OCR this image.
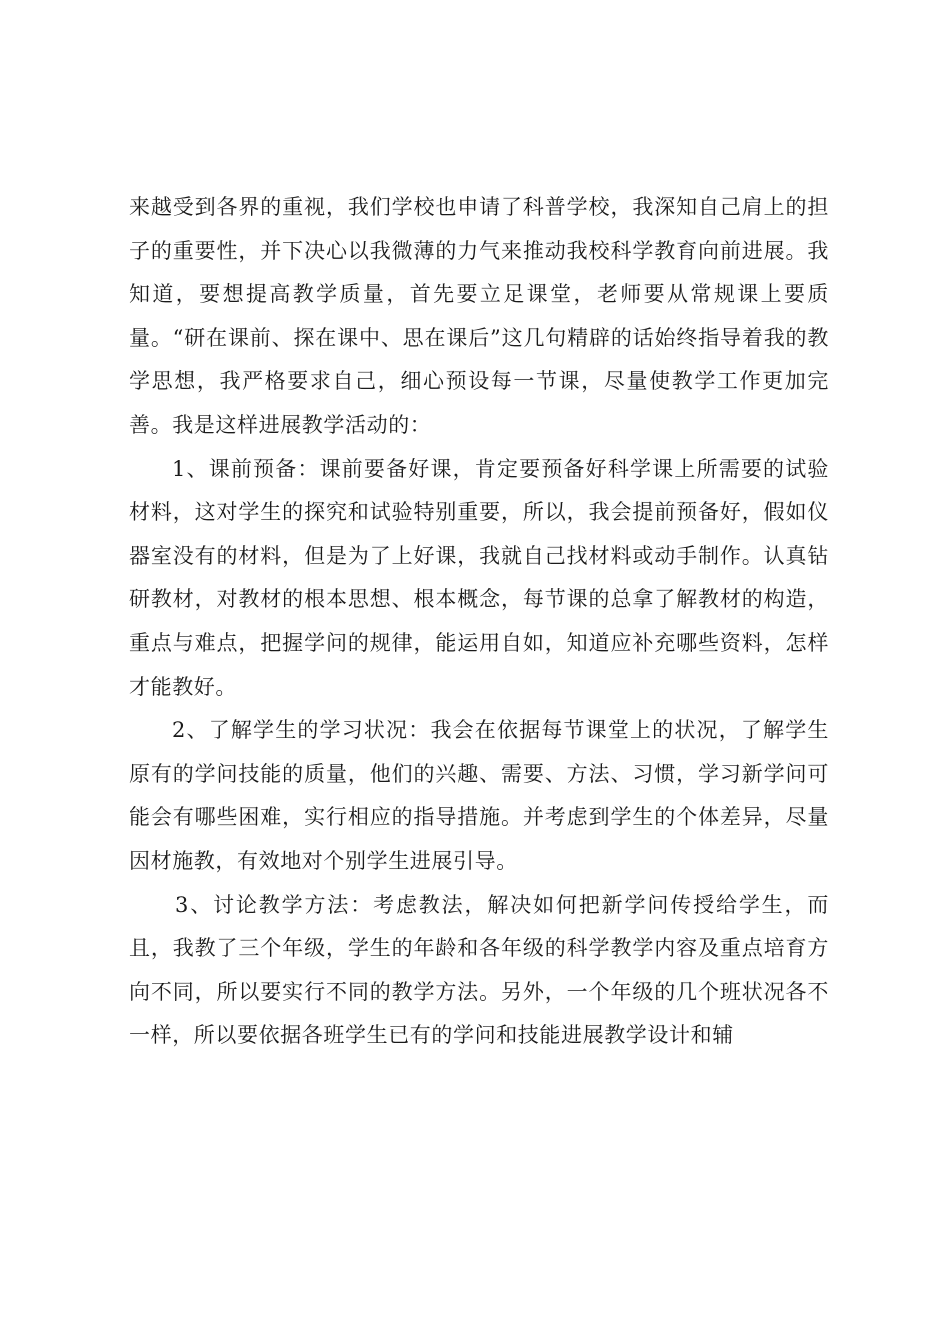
来越受到各界的重视，我们学校也申请了科普学校，我深知自己肩上的担子的重要性，并下决心以我微薄的力气来推动我校科学教育向前进展。我知道，要想提高教学质量，首先要立足课堂，老师要从常规课上要质量。“研在课前、探在课中、思在课后”这几句精辟的话始终指导着我的教学思想，我严格要求自己，细心预设每一节课，尽量使教学工作更加完善。我是这样进展教学活动的：

1、课前预备：课前要备好课，肯定要预备好科学课上所需要的试验材料，这对学生的探究和试验特别重要，所以，我会提前预备好，假如仪器室没有的材料，但是为了上好课，我就自己找材料或动手制作。认真钻研教材，对教材的根本思想、根本概念，每节课的总拿了解教材的构造，重点与难点，把握学问的规律，能运用自如，知道应补充哪些资料，怎样才能教好。

2、了解学生的学习状况：我会在依据每节课堂上的状况，了解学生原有的学问技能的质量，他们的兴趣、需要、方法、习惯，学习新学问可能会有哪些困难，实行相应的指导措施。并考虑到学生的个体差异，尽量因材施教，有效地对个别学生进展引导。

3、讨论教学方法：考虑教法，解决如何把新学问传授给学生，而且，我教了三个年级，学生的年龄和各年级的科学教学内容及重点培育方向不同，所以要实行不同的教学方法。另外，一个年级的几个班状况各不一样，所以要依据各班学生已有的学问和技能进展教学设计和辅
